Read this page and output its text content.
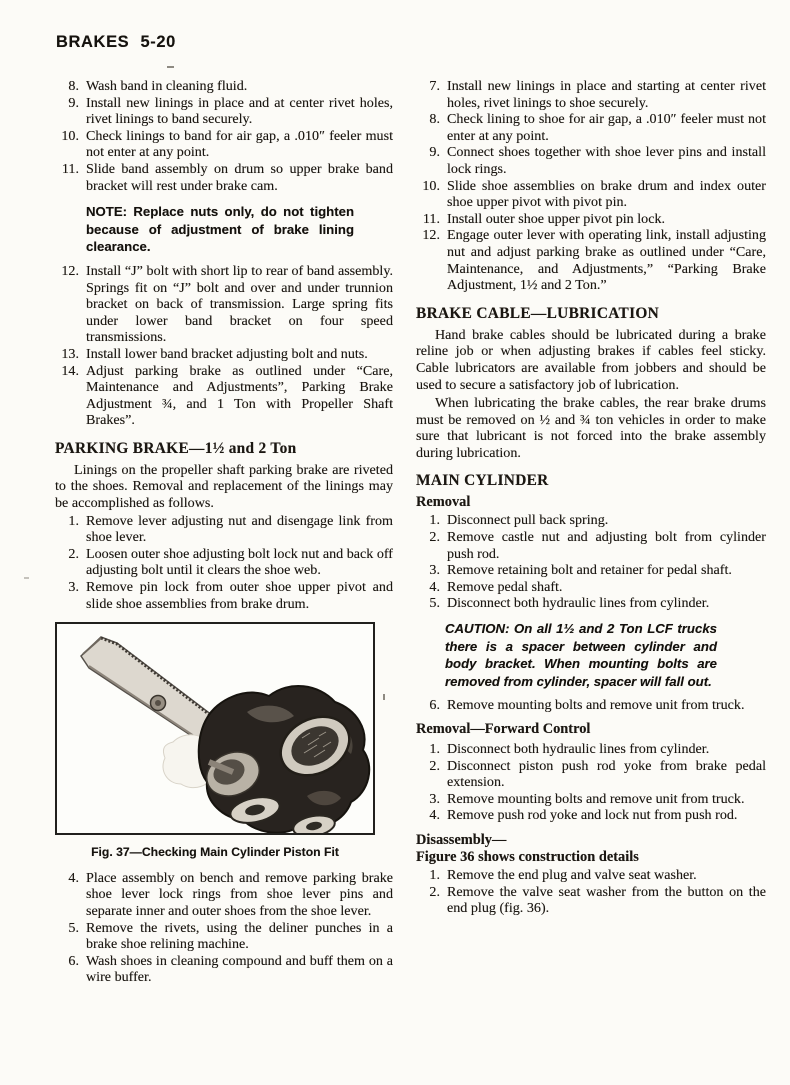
BRAKES 5-20
8. Wash band in cleaning fluid.
9. Install new linings in place and at center rivet holes, rivet linings to band securely.
10. Check linings to band for air gap, a .010″ feeler must not enter at any point.
11. Slide band assembly on drum so upper brake band bracket will rest under brake cam.
NOTE: Replace nuts only, do not tighten because of adjustment of brake lining clearance.
12. Install “J” bolt with short lip to rear of band assembly. Springs fit on “J” bolt and over and under trunnion bracket on back of transmission. Large spring fits under lower band bracket on four speed transmissions.
13. Install lower band bracket adjusting bolt and nuts.
14. Adjust parking brake as outlined under “Care, Maintenance and Adjustments”, Parking Brake Adjustment ¾, and 1 Ton with Propeller Shaft Brakes”.
PARKING BRAKE—1½ and 2 Ton

Linings on the propeller shaft parking brake are riveted to the shoes. Removal and replacement of the linings may be accomplished as follows.

1. Remove lever adjusting nut and disengage link from shoe lever.
2. Loosen outer shoe adjusting bolt lock nut and back off adjusting bolt until it clears the shoe web.
3. Remove pin lock from outer shoe upper pivot and slide shoe assemblies from brake drum.
Fig. 37—Checking Main Cylinder Piston Fit
4. Place assembly on bench and remove parking brake shoe lever lock rings from shoe lever pins and separate inner and outer shoes from the shoe lever.
5. Remove the rivets, using the deliner punches in a brake shoe relining machine.
6. Wash shoes in cleaning compound and buff them on a wire buffer.
7. Install new linings in place and starting at center rivet holes, rivet linings to shoe securely.
8. Check lining to shoe for air gap, a .010″ feeler must not enter at any point.
9. Connect shoes together with shoe lever pins and install lock rings.
10. Slide shoe assemblies on brake drum and index outer shoe upper pivot with pivot pin.
11. Install outer shoe upper pivot pin lock.
12. Engage outer lever with operating link, install adjusting nut and adjust parking brake as outlined under “Care, Maintenance, and Adjustments,” “Parking Brake Adjustment, 1½ and 2 Ton.”
BRAKE CABLE—LUBRICATION

Hand brake cables should be lubricated during a brake reline job or when adjusting brakes if cables feel sticky. Cable lubricators are available from jobbers and should be used to secure a satisfactory job of lubrication.

When lubricating the brake cables, the rear brake drums must be removed on ½ and ¾ ton vehicles in order to make sure that lubricant is not forced into the brake assembly during lubrication.

MAIN CYLINDER
Removal
1. Disconnect pull back spring.
2. Remove castle nut and adjusting bolt from cylinder push rod.
3. Remove retaining bolt and retainer for pedal shaft.
4. Remove pedal shaft.
5. Disconnect both hydraulic lines from cylinder.
CAUTION: On all 1½ and 2 Ton LCF trucks there is a spacer between cylinder and body bracket. When mounting bolts are removed from cylinder, spacer will fall out.
6. Remove mounting bolts and remove unit from truck.
Removal—Forward Control
1. Disconnect both hydraulic lines from cylinder.
2. Disconnect piston push rod yoke from brake pedal extension.
3. Remove mounting bolts and remove unit from truck.
4. Remove push rod yoke and lock nut from push rod.
Disassembly—
Figure 36 shows construction details
1. Remove the end plug and valve seat washer.
2. Remove the valve seat washer from the button on the end plug (fig. 36).
